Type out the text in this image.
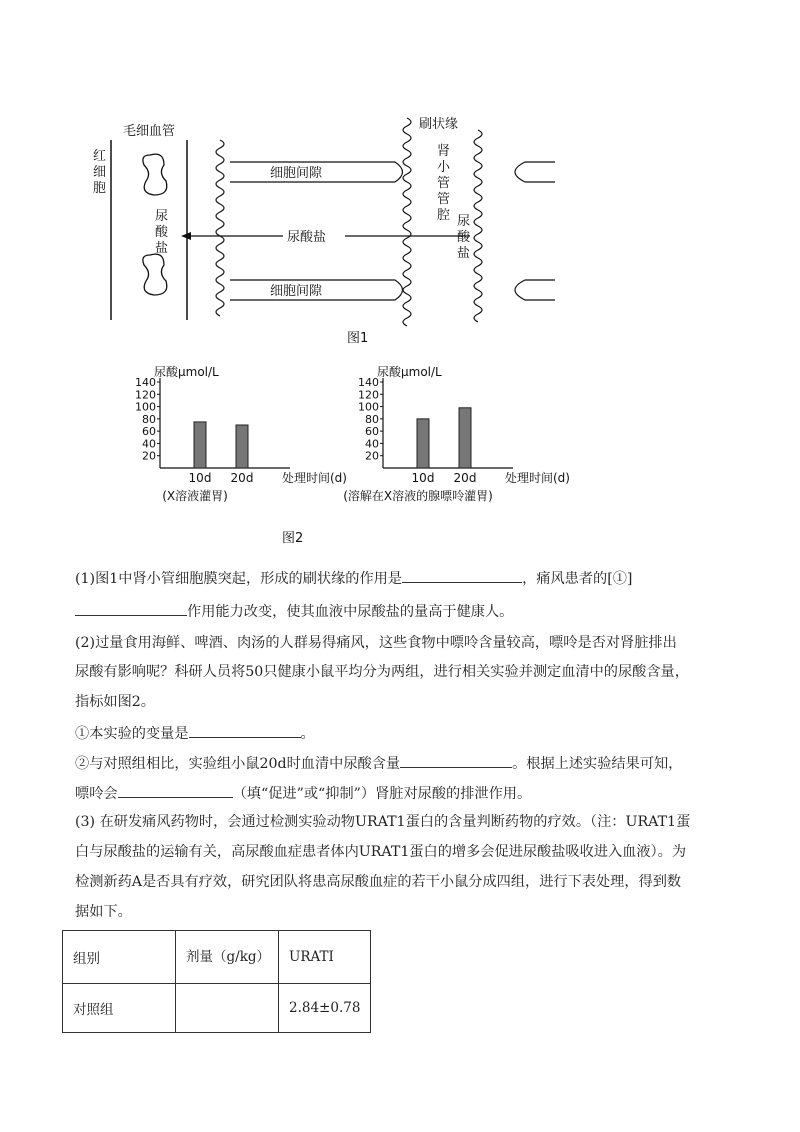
毛细血管
红
细
胞
尿
酸
盐
细胞间隙
细胞间隙
尿酸盐
刷状缘
肾
小
管
管
腔 尿
酸
盐
图1
尿酸μmol/L
20
40
60
80
100
120
140
10d 20d 处理时间(d)
(X溶液灌胃)
尿酸μmol/L
20
40
60
80
100
120
140
10d 20d 处理时间(d)
(溶解在X溶液的腺嘌呤灌胃)
图2
(1)图1中肾小管细胞膜突起，形成的刷状缘的作用是	，痛风患者的[①]
作用能力改变，使其血液中尿酸盐的量高于健康人。
(2)过量食用海鲜、啤酒、肉汤的人群易得痛风，这些食物中嘌呤含量较高，嘌呤是否对肾脏排出
尿酸有影响呢？科研人员将50只健康小鼠平均分为两组，进行相关实验并测定血清中的尿酸含量，
指标如图2。
①本实验的变量是	。
②与对照组相比，实验组小鼠20d时血清中尿酸含量	。根据上述实验结果可知，
嘌呤会	（填“促进”或“抑制”）肾脏对尿酸的排泄作用。
(3) 在研发痛风药物时，会通过检测实验动物URAT1蛋白的含量判断药物的疗效。（注：URAT1蛋
白与尿酸盐的运输有关，高尿酸血症患者体内URAT1蛋白的增多会促进尿酸盐吸收进入血液）。为
检测新药A是否具有疗效，研究团队将患高尿酸血症的若干小鼠分成四组，进行下表处理，得到数
据如下。
组别	剂量（g/kg）	URATI
对照组		2.84±0.78
